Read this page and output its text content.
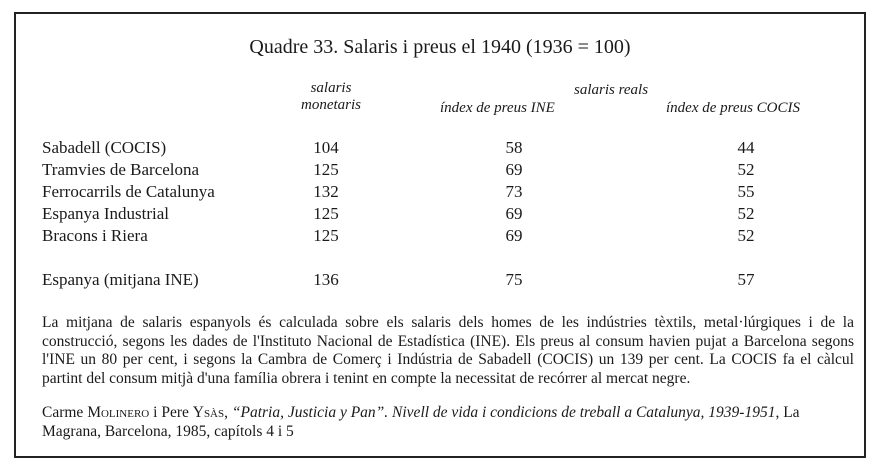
Quadre 33. Salaris i preus el 1940 (1936 = 100)
salaris
monetaris
salaris reals
índex de preus INE	índex de preus COCIS
Sabadell (COCIS)	104	58	44
Tramvies de Barcelona	125	69	52
Ferrocarrils de Catalunya	132	73	55
Espanya Industrial	125	69	52
Bracons i Riera	125	69	52
Espanya (mitjana INE)	136	75	57

La mitjana de salaris espanyols és calculada sobre els salaris dels homes de les indústries tèxtils, metal·lúrgiques i de la construcció, segons les dades de l'Instituto Nacional de Estadística (INE). Els preus al consum havien pujat a Barcelona segons l'INE un 80 per cent, i segons la Cambra de Comerç i Indústria de Sabadell (COCIS) un 139 per cent. La COCIS fa el càlcul partint del consum mitjà d'una família obrera i tenint en compte la necessitat de recórrer al mercat negre.

Carme Molinero i Pere Ysàs, “Patria, Justicia y Pan”. Nivell de vida i condicions de treball a Catalunya, 1939-1951, La Magrana, Barcelona, 1985, capítols 4 i 5
